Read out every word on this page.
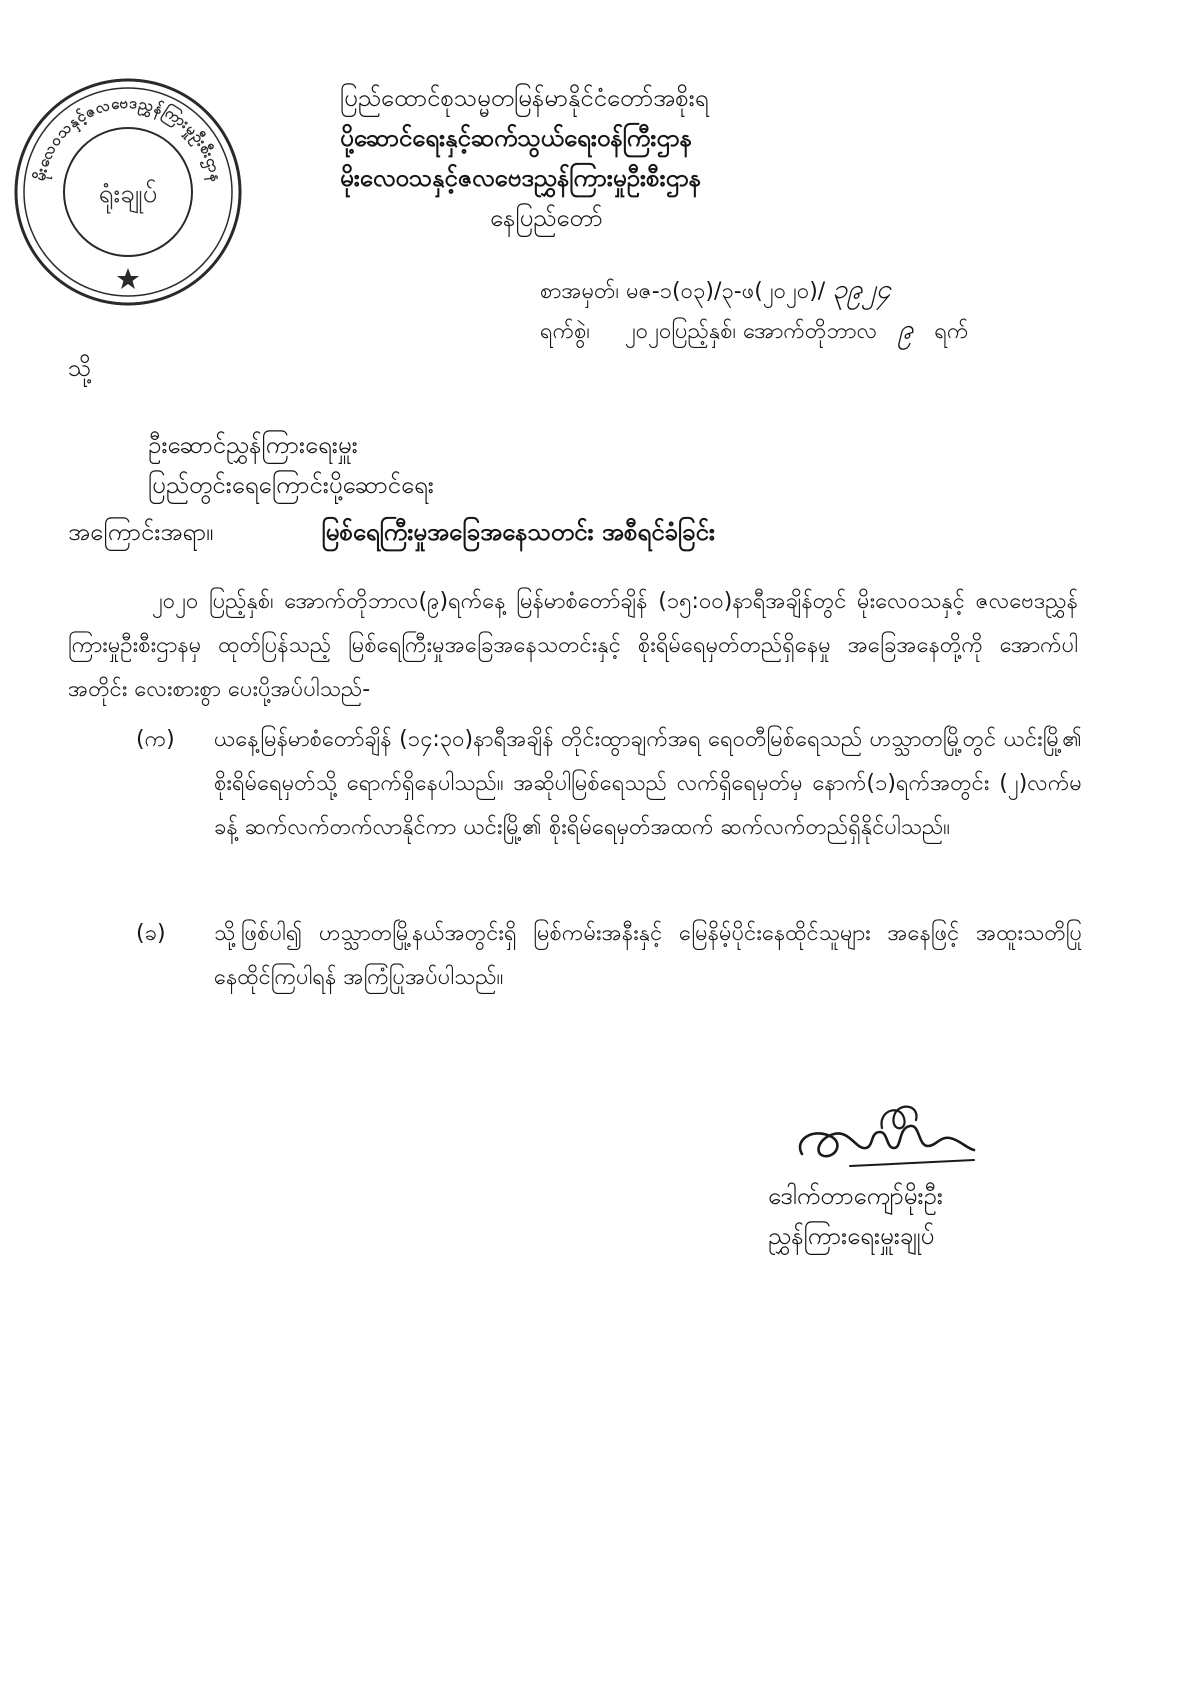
မိုးလေဝသနှင့်ဇလဗေဒညွှန်ကြားမှုဦးစီးဌာန
ရုံးချုပ်
ပြည်ထောင်စုသမ္မတမြန်မာနိုင်ငံတော်အစိုးရ
ပို့ဆောင်ရေးနှင့်ဆက်သွယ်ရေးဝန်ကြီးဌာန
မိုးလေဝသနှင့်ဇလဗေဒညွှန်ကြားမှုဦးစီးဌာန
နေပြည်တော်
စာအမှတ်၊ မဇ-၁(၀၃)/၃-ဖ(၂၀၂၀)/ ၃၉၂၄
ရက်စွဲ၊ ၂၀၂၀ပြည့်နှစ်၊ အောက်တိုဘာလ ၉ ရက်
သို့
ဦးဆောင်ညွှန်ကြားရေးမှူး
ပြည်တွင်းရေကြောင်းပို့ဆောင်ရေး
အကြောင်းအရာ။	မြစ်ရေကြီးမှုအခြေအနေသတင်း အစီရင်ခံခြင်း
၂၀၂၀ ပြည့်နှစ်၊ အောက်တိုဘာလ(၉)ရက်နေ့ မြန်မာစံတော်ချိန် (၁၅:၀၀)နာရီအချိန်တွင် မိုးလေဝသနှင့် ဇလဗေဒညွှန်ကြားမှုဦးစီးဌာနမှ ထုတ်ပြန်သည့် မြစ်ရေကြီးမှုအခြေအနေသတင်းနှင့် စိုးရိမ်ရေမှတ်တည်ရှိနေမှု အခြေအနေတို့ကို အောက်ပါအတိုင်း လေးစားစွာ ပေးပို့အပ်ပါသည်-
(က)	ယနေ့မြန်မာစံတော်ချိန် (၁၄:၃၀)နာရီအချိန် တိုင်းထွာချက်အရ ရေဝတီမြစ်ရေသည် ဟသ္သာတမြို့တွင် ယင်းမြို့၏ စိုးရိမ်ရေမှတ်သို့ ရောက်ရှိနေပါသည်။ အဆိုပါမြစ်ရေသည် လက်ရှိရေမှတ်မှ နောက်(၁)ရက်အတွင်း (၂)လက်မခန့် ဆက်လက်တက်လာနိုင်ကာ ယင်းမြို့၏ စိုးရိမ်ရေမှတ်အထက် ဆက်လက်တည်ရှိနိုင်ပါသည်။
(ခ)	သို့ဖြစ်ပါ၍ ဟသ္သာတမြို့နယ်အတွင်းရှိ မြစ်ကမ်းအနီးနှင့် မြေနိမ့်ပိုင်းနေထိုင်သူများ အနေဖြင့် အထူးသတိပြုနေထိုင်ကြပါရန် အကြံပြုအပ်ပါသည်။
ဒေါက်တာကျော်မိုးဦး
ညွှန်ကြားရေးမှူးချုပ်
